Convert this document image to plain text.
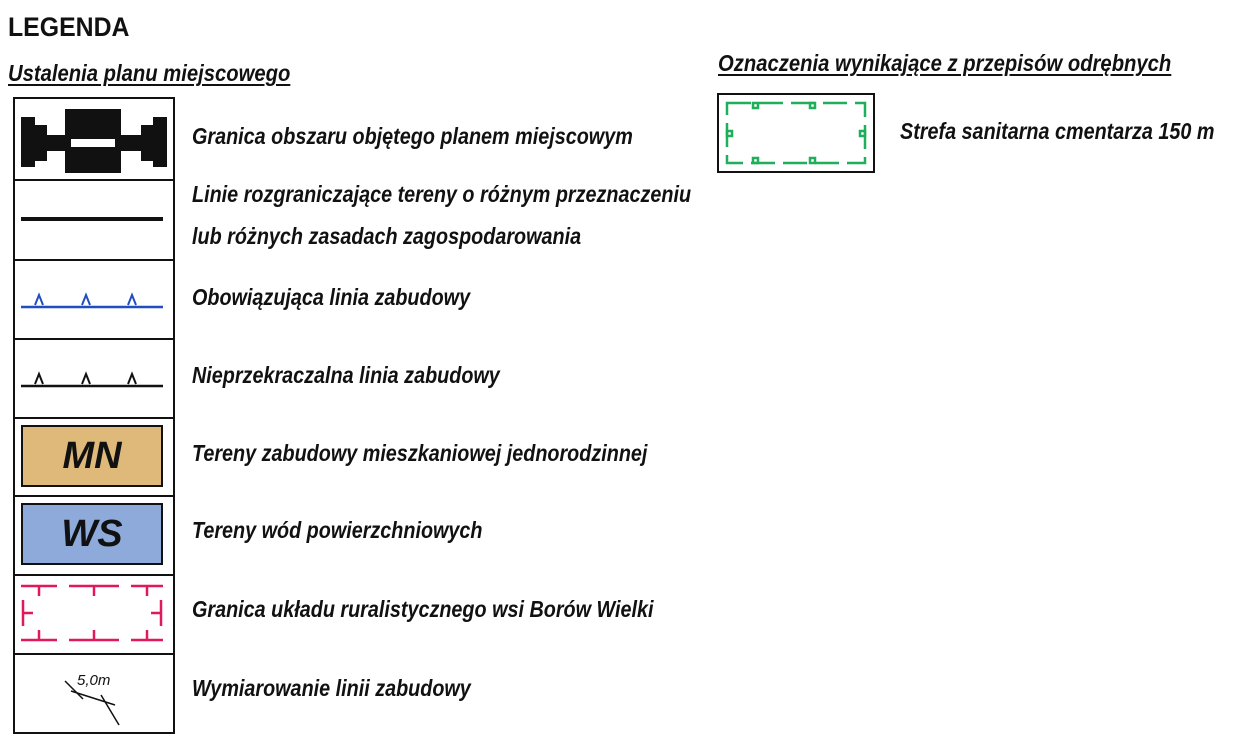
LEGENDA
Ustalenia planu miejscowego	Oznaczenia wynikające z przepisów odrębnych
MN
WS
5,0m
Granica obszaru objętego planem miejscowym
Linie rozgraniczające tereny o różnym przeznaczeniu
lub różnych zasadach zagospodarowania
Obowiązująca linia zabudowy
Nieprzekraczalna linia zabudowy
Tereny zabudowy mieszkaniowej jednorodzinnej
Tereny wód powierzchniowych
Granica układu ruralistycznego wsi Borów Wielki
Wymiarowanie linii zabudowy
Strefa sanitarna cmentarza 150 m
